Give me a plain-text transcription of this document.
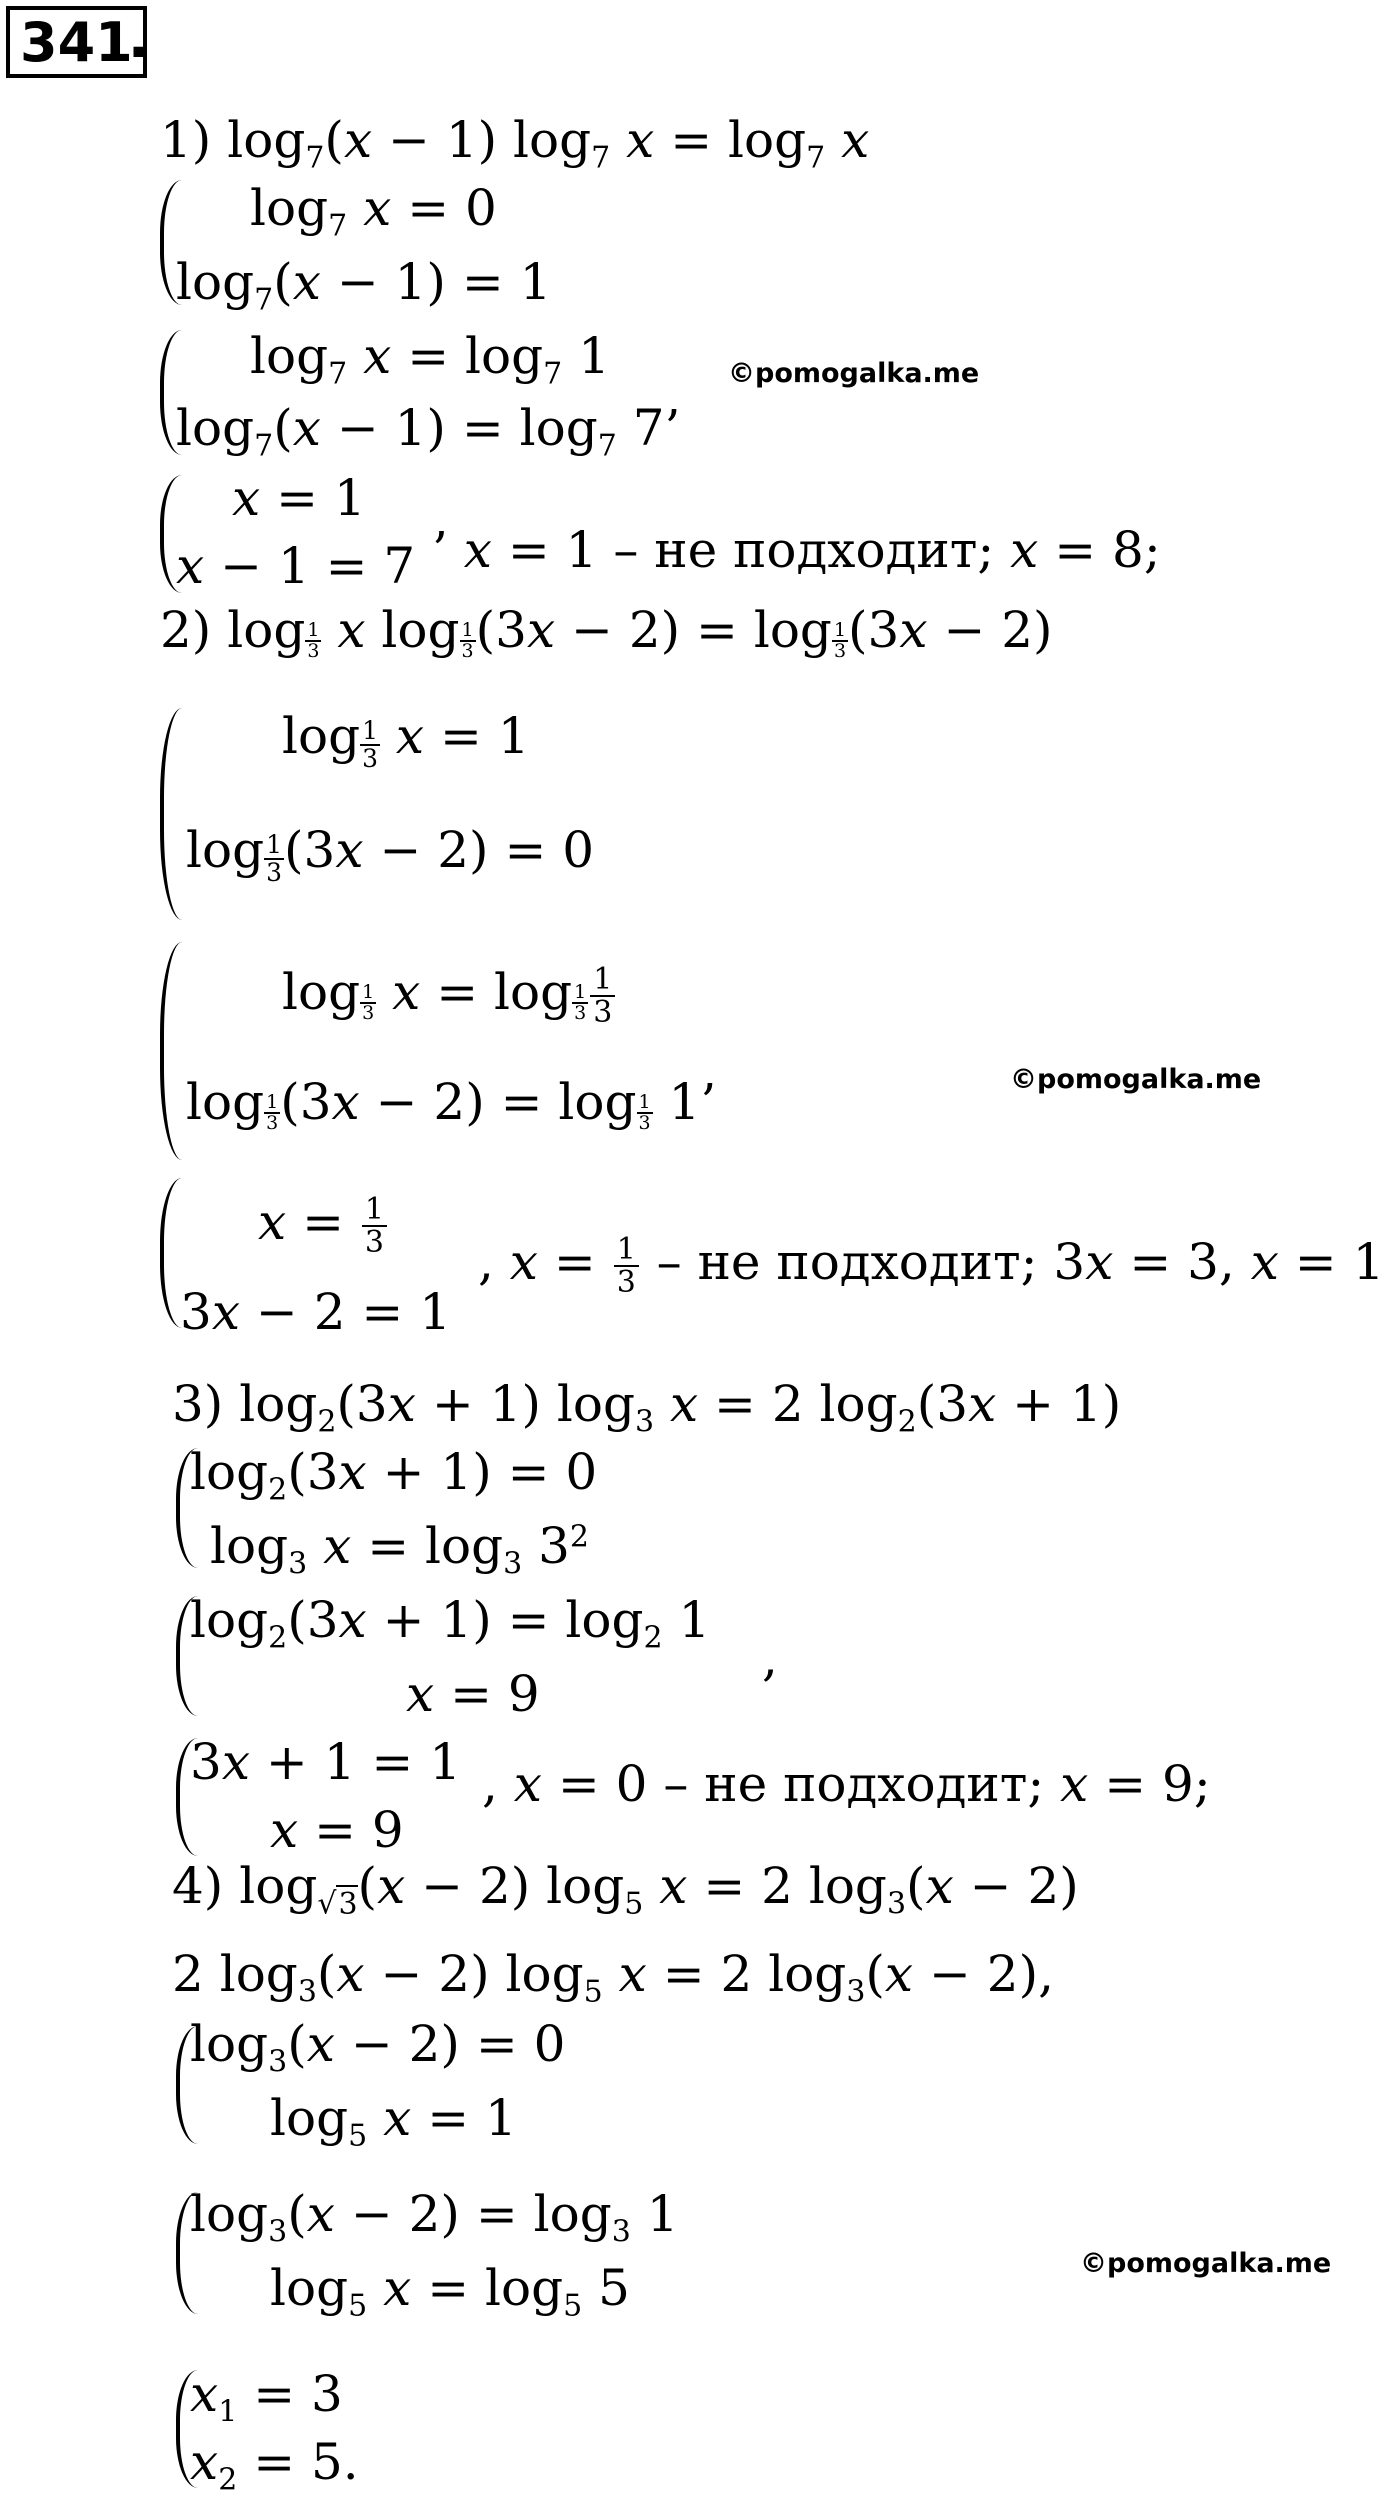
341
.
1) $\log_7(x - 1)$ $\log_7 x = \log_7 x$
$\log_7 x = 0$
$\log_7(x - 1) = 1$
$\log_7 x = \log_7 1$
$\log_7(x - 1) = \log_7 7$’
©pomogalka.me
x = 1
x − 1 = 7 ’ x = 1 – не подходит; x = 8;
2) $\log \frac{1}{3}$ x $\log \frac{1}{3} (3x - 2) = \log \frac{1}{3} (3x - 2)$
$\log \frac{1}{3}$ x = 1
$\log \frac{1}{3} (3x - 2) = 0$
$\log \frac{1}{3}$ $x = \log \frac{1}{3} \frac{1}{3}$
$\log \frac{1}{3} (3x - 2) = \log \frac{1}{3} 1$’	©pomogalka.me
$x = \frac{1}{3}$
3x − 2 = 1
, $x = \frac{1}{3}$ – не подходит; 3x = 3, x = 1
3) $\log_2(3x + 1)$ $\log_3 x = 2$ $\log_2(3x + 1)$
$\log_2(3x + 1) = 0$
$\log_3 x = \log_3 3^2$
$\log_2(3x + 1) = \log_2 1$
x = 9
,
3x + 1 = 1
x = 9
, x = 0 – не подходит; x = 9;
4) $\log_{√3}(x - 2)$ $\log_5 x = 2$ $\log_3(x - 2)$
2 $\log_3(x - 2)$ $\log_5 x = 2$ $\log_3(x - 2)$,
$\log_3(x - 2) = 0$
$\log_5 x = 1$
$\log_3(x - 2) = \log_3 1$
$\log_5 x = \log_5 5$	©pomogalka.me
$x_1 = 3$
$x_2 = 5$.
